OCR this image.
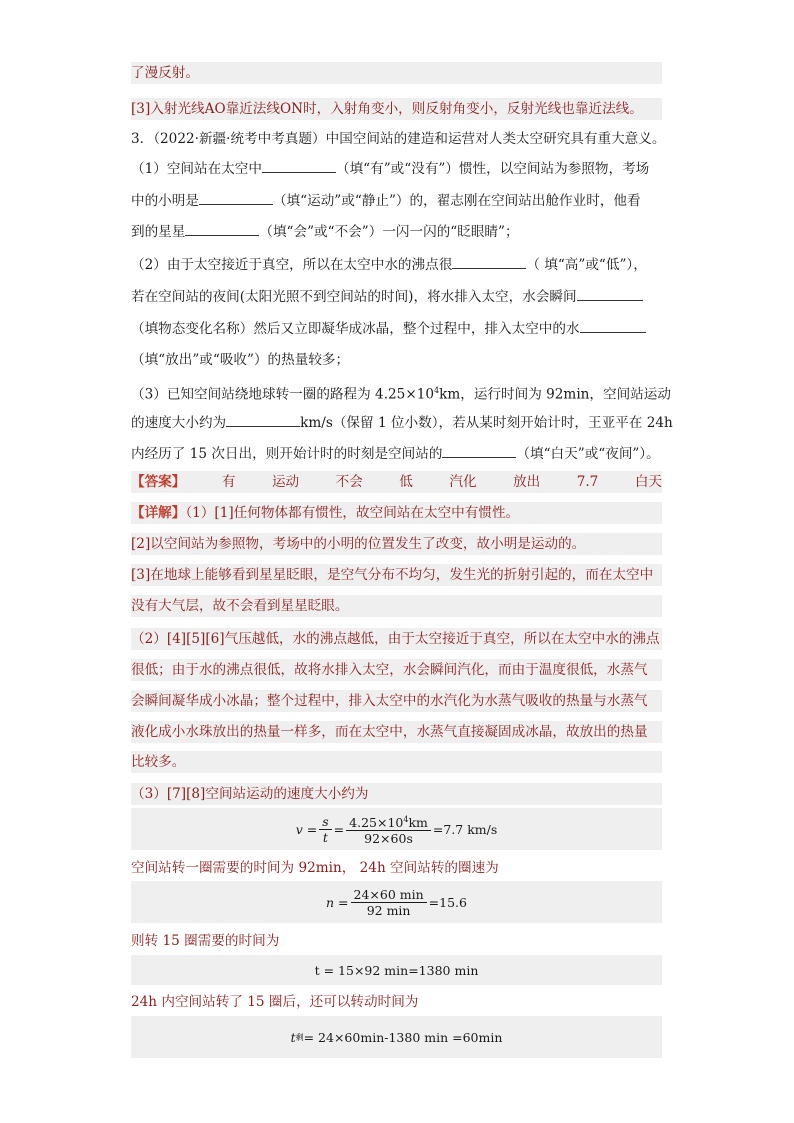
了漫反射。
[3]入射光线AO靠近法线ON时，入射角变小，则反射角变小，反射光线也靠近法线。
3．（2022·新疆·统考中考真题）中国空间站的建造和运营对人类太空研究具有重大意义。
（1）空间站在太空中	（填“有”或“没有”）惯性，以空间站为参照物，考场
中的小明是	（填“运动”或“静止”）的，翟志刚在空间站出舱作业时，他看
到的星星	（填“会”或“不会”）一闪一闪的“眨眼睛”；
（2）由于太空接近于真空，所以在太空中水的沸点很	（ 填“高”或“低”），
若在空间站的夜间(太阳光照不到空间站的时间)，将水排入太空，水会瞬间
（填物态变化名称）然后又立即凝华成冰晶，整个过程中，排入太空中的水
（填“放出”或“吸收”）的热量较多；
（3）已知空间站绕地球转一圈的路程为 $4.25\times 10^4km$，运行时间为 92min，空间站运动
的速度大小约为	km/s（保留 1 位小数），若从某时刻开始计时，王亚平在 24h
内经历了 15 次日出，则开始计时的时刻是空间站的	（填“白天”或“夜间”）。
【答案】	有	运动	不会	低	汽化	放出	7.7	白天
【详解】（1）[1]任何物体都有惯性，故空间站在太空中有惯性。
[2]以空间站为参照物，考场中的小明的位置发生了改变，故小明是运动的。
[3]在地球上能够看到星星眨眼，是空气分布不均匀，发生光的折射引起的，而在太空中
没有大气层，故不会看到星星眨眼。
（2）[4][5][6]气压越低，水的沸点越低，由于太空接近于真空，所以在太空中水的沸点
很低；由于水的沸点很低，故将水排入太空，水会瞬间汽化，而由于温度很低，水蒸气
会瞬间凝华成小冰晶；整个过程中，排入太空中的水汽化为水蒸气吸收的热量与水蒸气
液化成小水珠放出的热量一样多，而在太空中，水蒸气直接凝固成冰晶，故放出的热量
比较多。
（3）[7][8]空间站运动的速度大小约为
$v = \frac{s}{t} = \frac{4.25\times 10^4km}{92\times 60s} =7.7$ km/s
空间站转一圈需要的时间为 92min， 24h 空间站转的圈速为
$n = \frac{24\times 60 \min}{92 \min} =15.6$
则转 15 圈需要的时间为
t = 15×92 min=1380 min
24h 内空间站转了 15 圈后，还可以转动时间为
t 剩 = 24×60min-1380 min =60min
